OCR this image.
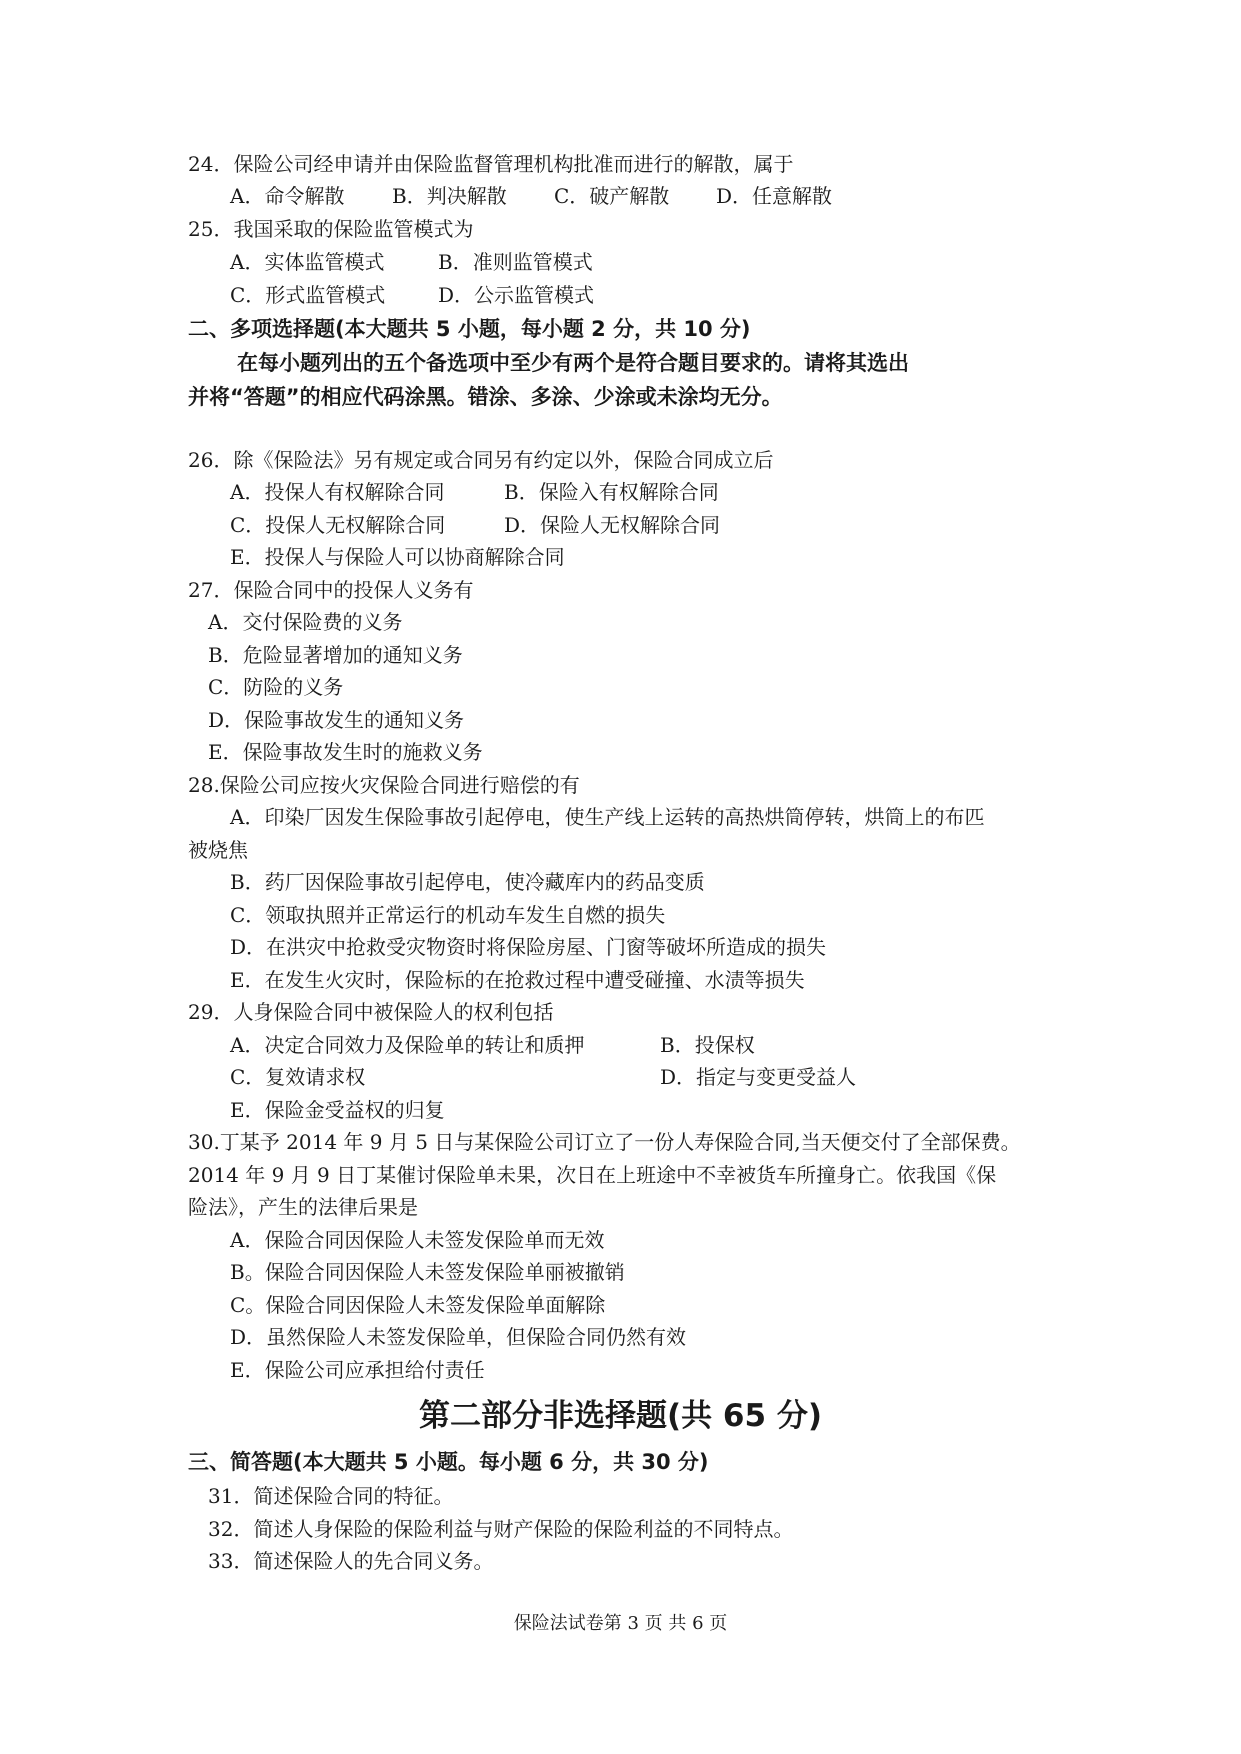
24．保险公司经申请并由保险监督管理机构批准而进行的解散，属于
A．命令解散 B．判决解散 C．破产解散 D．任意解散
25．我国采取的保险监管模式为
A．实体监管模式	B．准则监管模式
C．形式监管模式	D．公示监管模式
二、多项选择题(本大题共 5 小题，每小题 2 分，共 10 分)
在每小题列出的五个备选项中至少有两个是符合题目要求的。请将其选出
并将“答题”的相应代码涂黑。错涂、多涂、少涂或未涂均无分。
26．除《保险法》另有规定或合同另有约定以外，保险合同成立后
A．投保人有权解除合同	B．保险入有权解除合同
C．投保人无权解除合同	D．保险人无权解除合同
E．投保人与保险人可以协商解除合同
27．保险合同中的投保人义务有
A．交付保险费的义务
B．危险显著增加的通知义务
C．防险的义务
D．保险事故发生的通知义务
E．保险事故发生时的施救义务
28.保险公司应按火灾保险合同进行赔偿的有
A．印染厂因发生保险事故引起停电，使生产线上运转的高热烘筒停转，烘筒上的布匹
被烧焦
B．药厂因保险事故引起停电，使冷藏库内的药品变质
C．领取执照并正常运行的机动车发生自燃的损失
D．在洪灾中抢救受灾物资时将保险房屋、门窗等破坏所造成的损失
E．在发生火灾时，保险标的在抢救过程中遭受碰撞、水渍等损失
29．人身保险合同中被保险人的权利包括
A．决定合同效力及保险单的转让和质押	B．投保权
C．复效请求权	D．指定与变更受益人
E．保险金受益权的归复
30.丁某予 2014 年 9 月 5 日与某保险公司订立了一份人寿保险合同,当天便交付了全部保费。
2014 年 9 月 9 日丁某催讨保险单未果，次日在上班途中不幸被货车所撞身亡。依我国《保
险法》，产生的法律后果是
A．保险合同因保险人未签发保险单而无效
B。保险合同因保险人未签发保险单丽被撤销
C。保险合同因保险人未签发保险单面解除
D．虽然保险人未签发保险单，但保险合同仍然有效
E．保险公司应承担给付责任
第二部分非选择题(共 65 分)
三、简答题(本大题共 5 小题。每小题 6 分，共 30 分)
31．简述保险合同的特征。
32．简述人身保险的保险利益与财产保险的保险利益的不同特点。
33．简述保险人的先合同义务。
保险法试卷第 3 页 共 6 页
